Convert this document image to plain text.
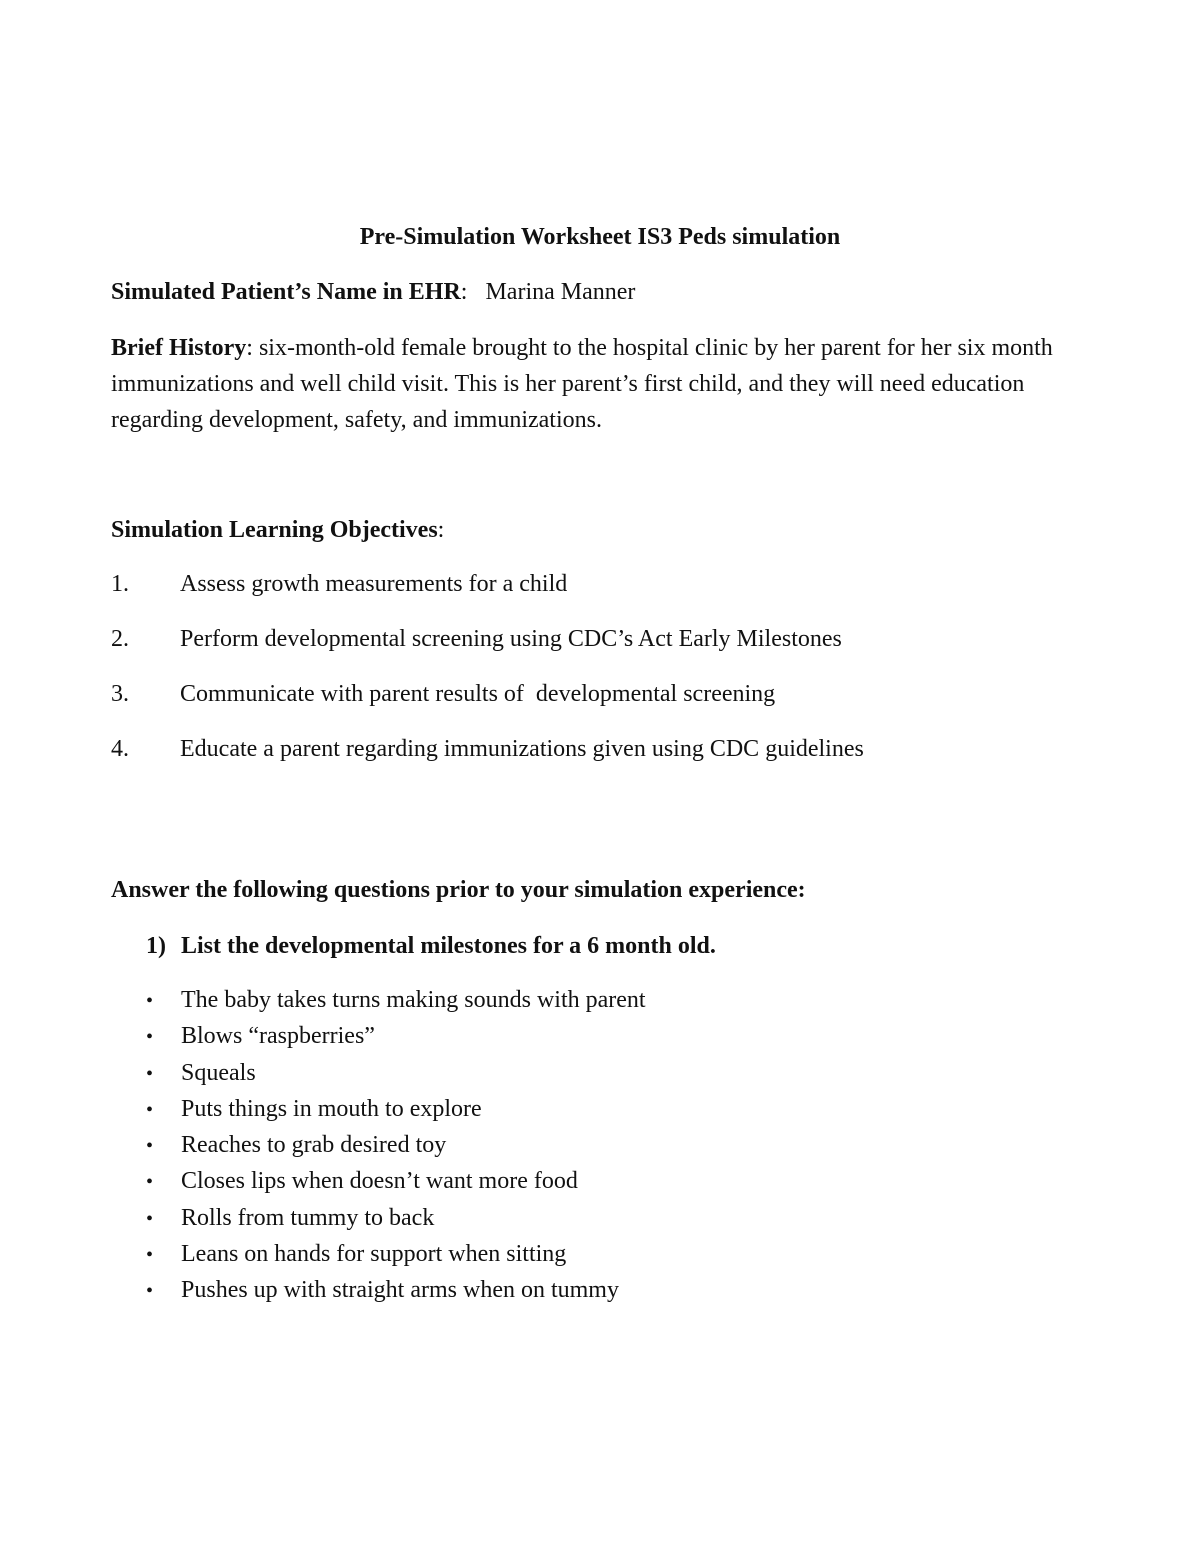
Pre-Simulation Worksheet IS3 Peds simulation
Simulated Patient’s Name in EHR: Marina Manner
Brief History: six-month-old female brought to the hospital clinic by her parent for her six month immunizations and well child visit. This is her parent’s first child, and they will need education regarding development, safety, and immunizations.
Simulation Learning Objectives:
1. Assess growth measurements for a child
2. Perform developmental screening using CDC’s Act Early Milestones
3. Communicate with parent results of  developmental screening
4. Educate a parent regarding immunizations given using CDC guidelines
Answer the following questions prior to your simulation experience:
1) List the developmental milestones for a 6 month old.
• The baby takes turns making sounds with parent
• Blows “raspberries”
• Squeals
• Puts things in mouth to explore
• Reaches to grab desired toy
• Closes lips when doesn’t want more food
• Rolls from tummy to back
• Leans on hands for support when sitting
• Pushes up with straight arms when on tummy
